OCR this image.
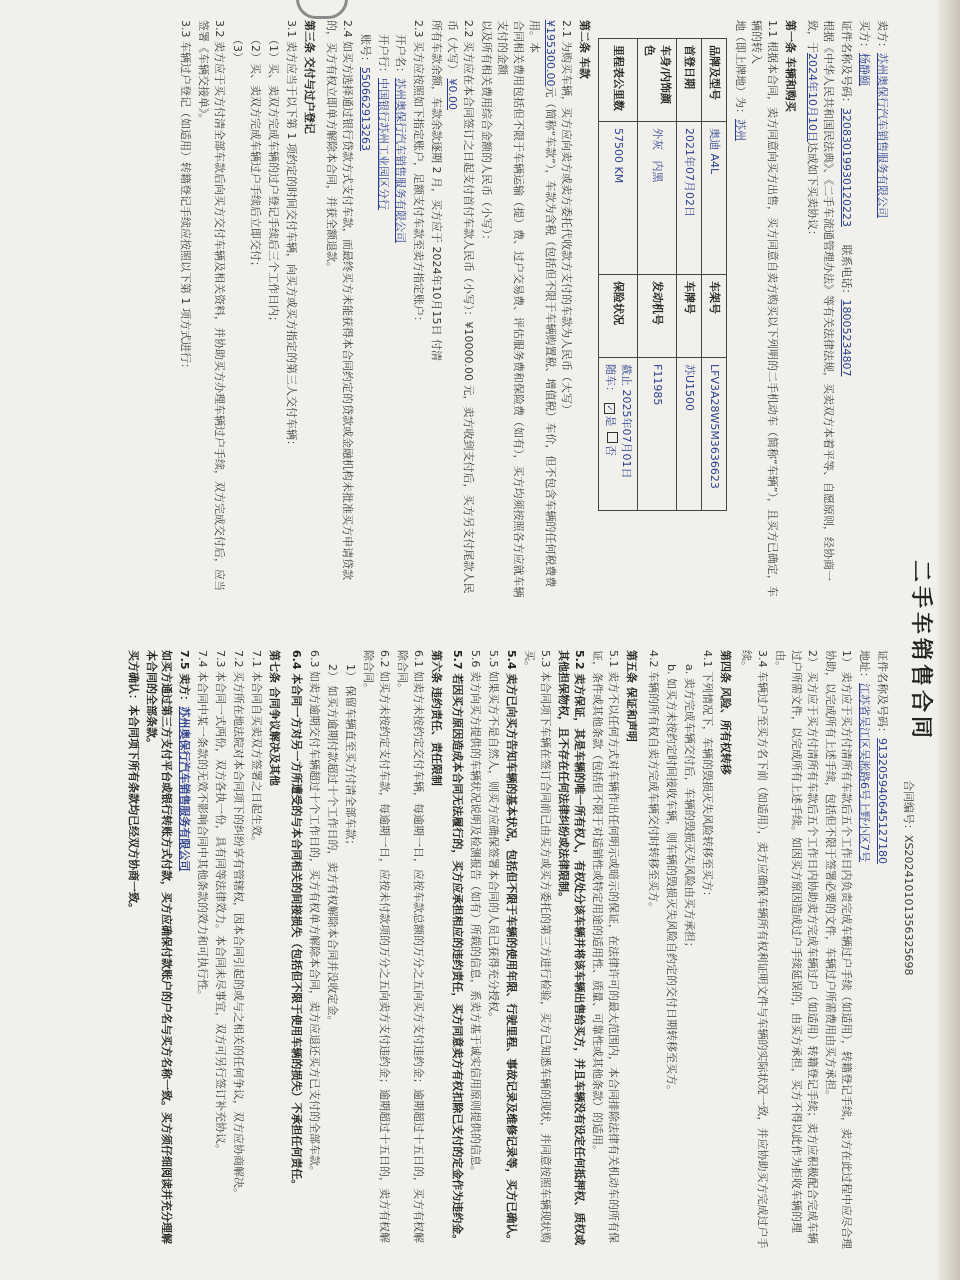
二手车销售合同
合同编号：XS202410101356325698
卖方：苏州奥保行汽车销售服务有限公司
买方：杨静颐
证件名称及号码：32083019930120223     联系电话：18005234807
根据《中华人民共和国民法典》、《二手车流通管理办法》等有关法律法规，买卖双方本着平等、自愿原则，经协商一致，于2024年10月10日达成如下买卖协议：
第一条 车辆和购买
1.1 根据本合同，卖方同意向买方出售，买方同意自卖方购买以下列明的二手机动车（简称“车辆”），且买方已确定，车辆的转入
地（即上牌地）为：苏州
品牌及型号	奥迪 A4L	车架号	LFV3A28W5M3636623
首登日期	2021年07月02日	车牌号	苏U1500
车身/内饰颜色	外灰   内黑	发动机号	F11985
里程表公里数	57500 KM	保险状况	截止 2025年07月01日
随车： ✓是 否
第二条 车款
2.1 为购买车辆，买方应向卖方或卖方委托代收款方支付的车款为人民币（大写）
¥195300.00元（简称“车款”），车款为含税（包括但不限于车辆购置税、增值税）车价，但不包含车辆的任何税费费用。本
合同相关费用包括但不限于车辆运输（提）费、过户交易费、评估服务费和保险费（如有），买方均须按照各方应就车辆支付的金额
以及所有相关费用综合金额的人民币（小写）：
2.2 买方应在本合同签订之日起支付首付车款人民币（小写）：¥10000.00 元，卖方收到支付后，买方另支付尾款人民币（大写） ¥0.00
所有车款余额，车款余款逐期 2 月，买方应于 2024年10月15日 付清
2.3 买方应按照如下指定账户，足额支付车款至卖方指定账户：
开户名：苏州奥保行汽车销售服务有限公司
开户行：中国银行苏州工业园区分行
账号：550662913263
2.4 如买方选择通过银行贷款方式支付车款，而最终买方未能获得本合同约定的贷款或金融机构未批准买方申请贷款的，买方有权立即单方解除本合同，并获全额退款。
第三条 交付与过户登记
3.1 卖方应当于以下第 1 项约定的时间交付车辆，向买方或买方指定的第三人交付车辆：
（1）买、卖双方完成车辆的过户登记手续后三个工作日内；
（2）买、卖双方完成车辆过户手续后立即交付；
（3）
3.2 卖方应于买方付清全部车款后向买方交付车辆及相关资料，并协助买方办理车辆过户手续，双方完成交付后，应当签署《车辆交接单》。
3.3 车辆过户登记（如适用）转籍登记手续应按照以下第 1 项方式进行：
证件名称及号码：913205940645127180
地址：江苏省吴江区吴淞路6号上野小区7号
1） 卖方应于买方付清所有车款后五个工作日内负责完成车辆过户手续（如适用），转籍登记手续，卖方在此过程中应尽合理协助，以完成所有上述手续，包括但不限于签署必要的文件，车辆过户所需费用由买方承担。
2） 买方应于买方付清所有车款后五个工作日内协助卖方完成车辆过户（如适用）转籍登记手续；卖方应积极配合完成车辆过户所需文件，以完成所有上述手续。如因买方原因造成过户手续延误的，由买方承担，买方不得以此作为拒收车辆的理由。
3.4 车辆过户至买方名下前（如适用），卖方应确保车辆所有权利证明文件与车辆的实际状况一致，并应协助买方完成过户手续。
第四条 风险、所有权转移
4.1 下列情况下，车辆的毁损灭失风险转移至买方：
a. 卖方完成车辆交付后，车辆的毁损灭失风险由买方承担；
b. 如买方未按约定时间接收车辆，则车辆的毁损灭失风险自约定的交付日期转移至买方。
4.2 车辆的所有权自卖方完成车辆交付时转移至买方。
第五条 保证和声明
5.1 卖方不以任何方式对车辆作出任何明示或暗示的保证，在法律许可的最大范围内，本合同排除法律有关机动车的所有保证，条件或其他条款（包括但不限于对适销性或特定用途的适用性、质量、可靠性或其他条款）的适用。
5.2 卖方保证，其是车辆的唯一所有权人，有权处分该车辆并将该车辆出售给买方，并且车辆没有设定任何抵押权、质权或其他担保物权，且不存在任何法律纠纷或法律限制。
5.3 本合同项下车辆在签订合同前已由买方或买方委托的第三方进行检验，买方已知悉车辆的现状，并同意按照车辆现状购买。
5.4 卖方已向买方告知车辆的基本状况，包括但不限于车辆的使用年限、行驶里程、事故记录及维修记录等，买方已确认。
5.5 如果买方不是自然人，则买方应确保签署本合同的人员已获得充分授权。
5.6 卖方向买方提供的车辆状况说明及检测报告（如有）所载的信息，系卖方基于诚实信用原则提供的信息。
5.7 若因买方原因造成本合同无法履行的，买方应承担相应的违约责任，买方同意卖方有权扣除已支付的定金作为违约金。
第六条 违约责任、责任限制
6.1 如卖方未按约定交付车辆，每逾期一日，应按车款总额的万分之五向买方支付违约金；逾期超过十五日的，买方有权解除合同。
6.2 如买方未按约定支付车款，每逾期一日，应按未付款项的万分之五向卖方支付违约金；逾期超过十五日的，卖方有权解除合同。
1） 保留车辆直至买方付清全部车款；
2） 如买方逾期付款超过十个工作日的，卖方有权解除本合同并没收定金。
6.3 如卖方逾期交付车辆超过十个工作日的，买方有权单方解除本合同，卖方应退还买方已支付的全部车款。
6.4 本合同一方对另一方所遭受的与本合同相关的间接损失（包括但不限于使用车辆的损失）不承担任何责任。
第七条 合同争议解决及其他
7.1 本合同自买卖双方签署之日起生效。
7.2 买方所在地法院对本合同项下的纠纷享有管辖权，因本合同引起的或与之相关的任何争议，双方应协商解决。
7.3 本合同一式两份，双方各执一份，具有同等法律效力。本合同未尽事宜，双方可另行签订补充协议。
7.4 本合同中某一条款的无效不影响合同中其他条款的效力和可执行性。
7.5 卖方：苏州奥保行汽车销售服务有限公司
如买方通过第三方支付平台或银行转账方式付款，买方应确保付款账户的户名与买方名称一致。买方须仔细阅读并充分理解本合同的全部条款。
买方确认：本合同项下所有条款均已经双方协商一致。
